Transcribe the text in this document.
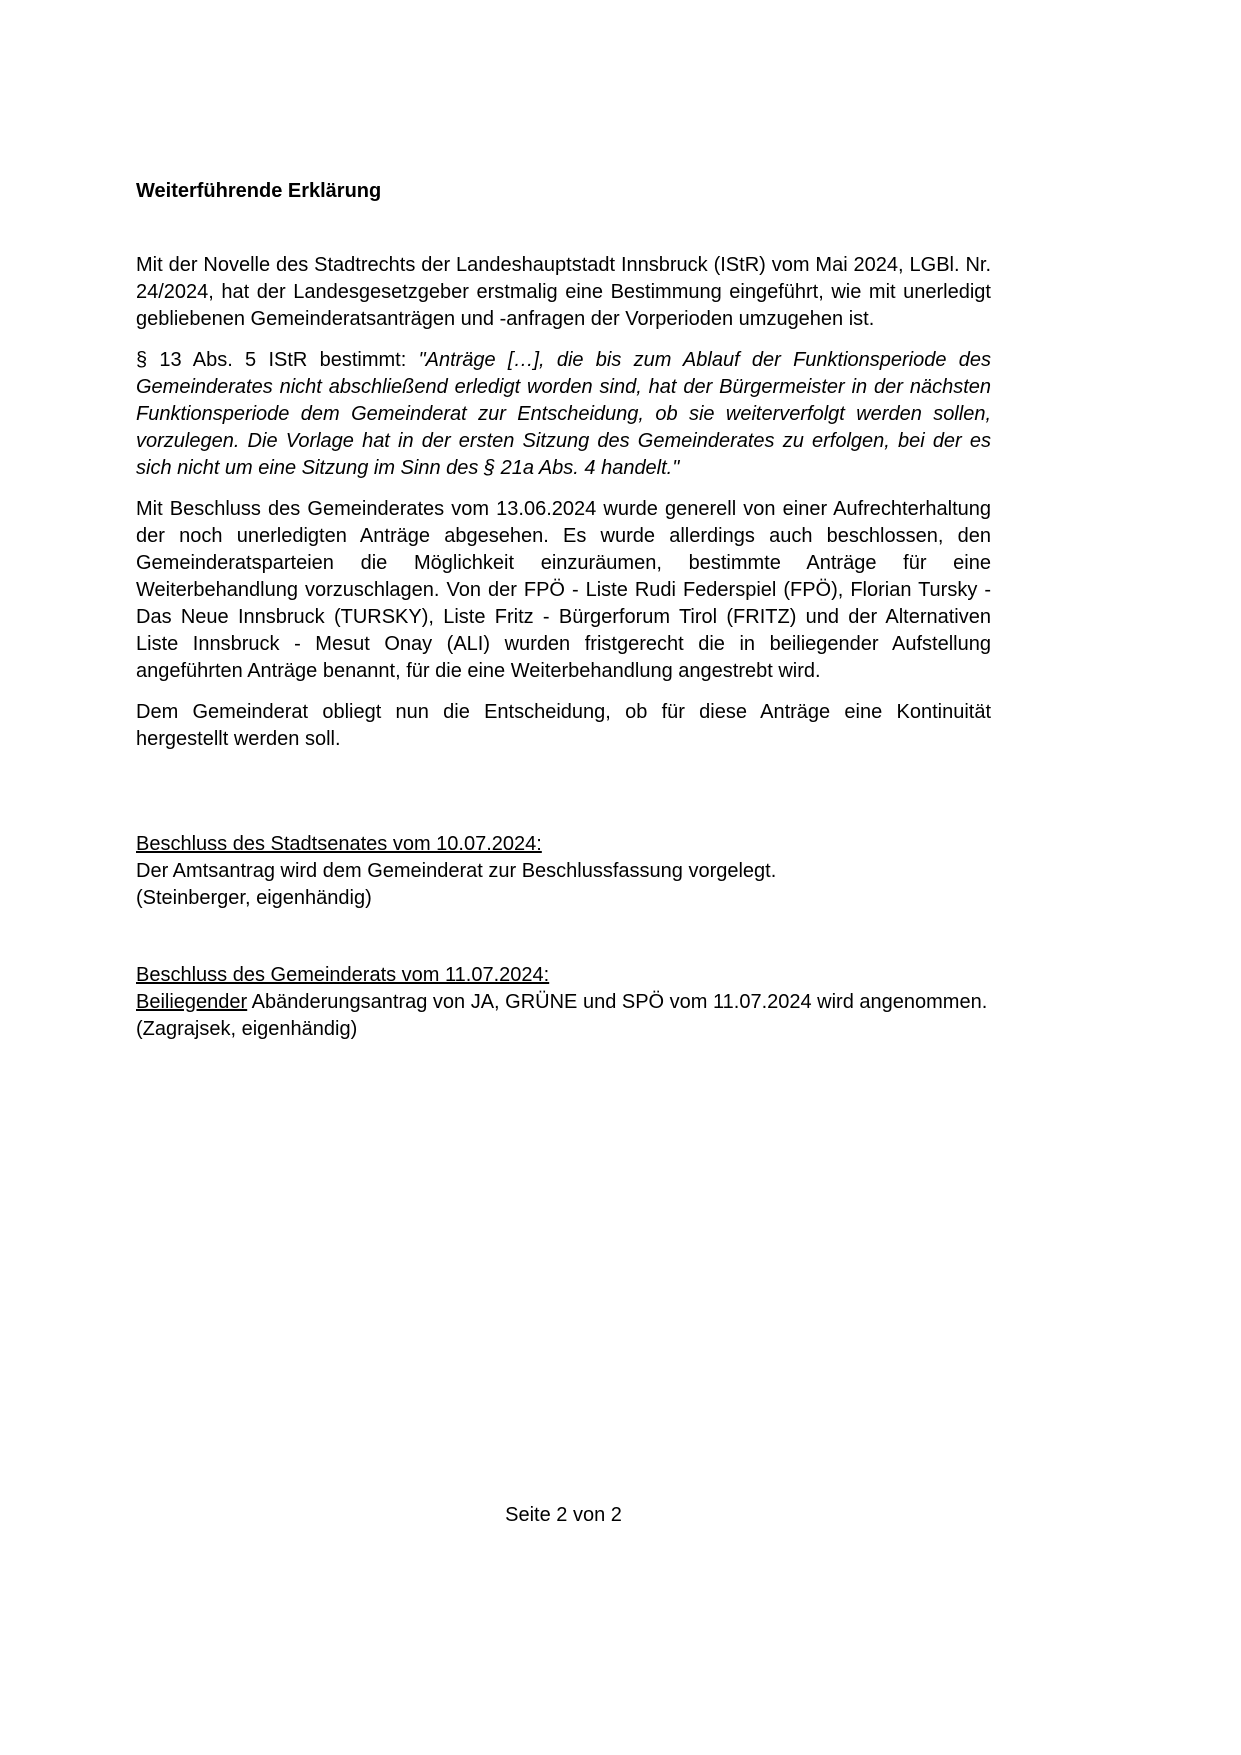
Weiterführende Erklärung

Mit der Novelle des Stadtrechts der Landeshauptstadt Innsbruck (IStR) vom Mai 2024, LGBl. Nr. 24/2024, hat der Landesgesetzgeber erstmalig eine Bestimmung eingeführt, wie mit unerledigt gebliebenen Gemeinderatsanträgen und -anfragen der Vorperioden umzugehen ist.

§ 13 Abs. 5 IStR bestimmt: "Anträge […], die bis zum Ablauf der Funktionsperiode des Gemeinderates nicht abschließend erledigt worden sind, hat der Bürgermeister in der nächsten Funktionsperiode dem Gemeinderat zur Entscheidung, ob sie weiterverfolgt werden sollen, vorzulegen. Die Vorlage hat in der ersten Sitzung des Gemeinderates zu erfolgen, bei der es sich nicht um eine Sitzung im Sinn des § 21a Abs. 4 handelt."

Mit Beschluss des Gemeinderates vom 13.06.2024 wurde generell von einer Aufrechterhaltung der noch unerledigten Anträge abgesehen. Es wurde allerdings auch beschlossen, den Gemeinderatsparteien die Möglichkeit einzuräumen, bestimmte Anträge für eine Weiterbehandlung vorzuschlagen. Von der FPÖ - Liste Rudi Federspiel (FPÖ), Florian Tursky - Das Neue Innsbruck (TURSKY), Liste Fritz - Bürgerforum Tirol (FRITZ) und der Alternativen Liste Innsbruck - Mesut Onay (ALI) wurden fristgerecht die in beiliegender Aufstellung angeführten Anträge benannt, für die eine Weiterbehandlung angestrebt wird.

Dem Gemeinderat obliegt nun die Entscheidung, ob für diese Anträge eine Kontinuität hergestellt werden soll.

Beschluss des Stadtsenates vom 10.07.2024:
Der Amtsantrag wird dem Gemeinderat zur Beschlussfassung vorgelegt.
(Steinberger, eigenhändig)
Beschluss des Gemeinderats vom 11.07.2024:
Beiliegender Abänderungsantrag von JA, GRÜNE und SPÖ vom 11.07.2024 wird angenommen.
(Zagrajsek, eigenhändig)
Seite 2 von 2
